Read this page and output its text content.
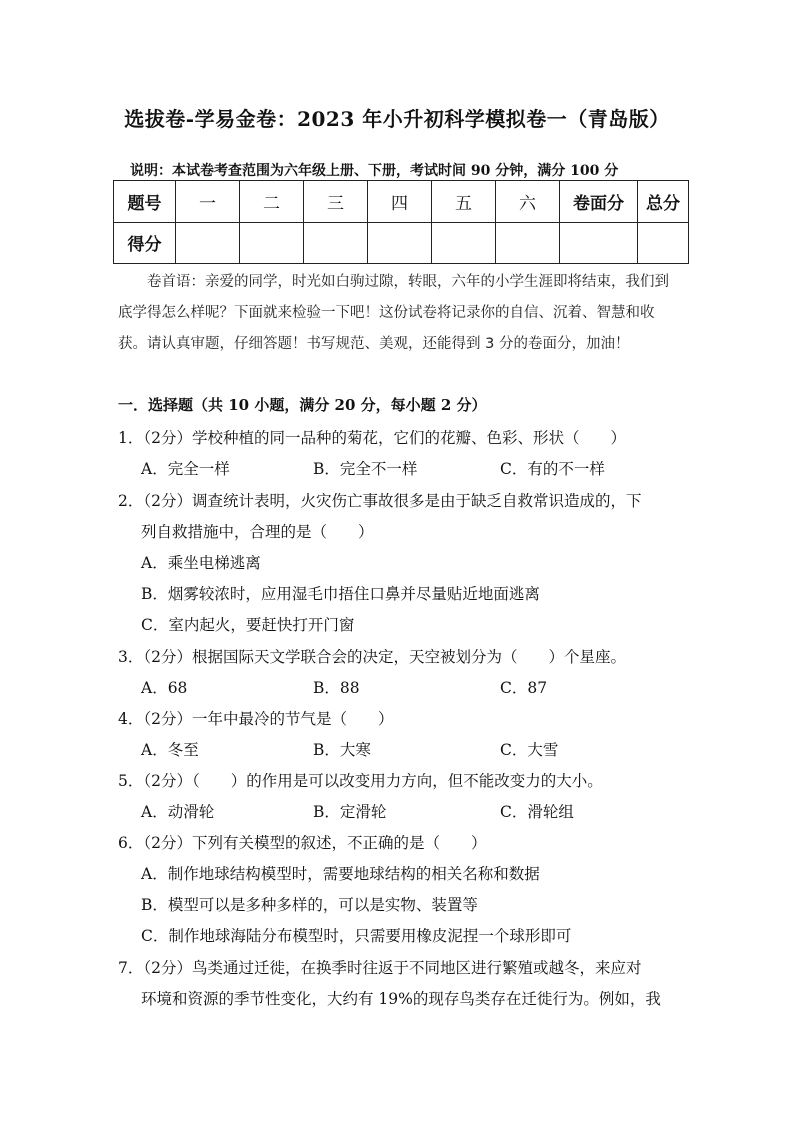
选拔卷-学易金卷：2023 年小升初科学模拟卷一（青岛版）
说明：本试卷考查范围为六年级上册、下册，考试时间 90 分钟，满分 100 分
题号	一	二	三	四	五	六	卷面分	总分
得分								
卷首语：亲爱的同学，时光如白驹过隙，转眼，六年的小学生涯即将结束，我们到底学得怎么样呢？下面就来检验一下吧！这份试卷将记录你的自信、沉着、智慧和收获。请认真审题，仔细答题！书写规范、美观，还能得到 3 分的卷面分，加油！
一．选择题（共 10 小题，满分 20 分，每小题 2 分）
1．（2分）学校种植的同一品种的菊花，它们的花瓣、色彩、形状（　　）
A．完全一样	B．完全不一样	C．有的不一样
2．（2分）调查统计表明，火灾伤亡事故很多是由于缺乏自救常识造成的，下
列自救措施中，合理的是（　　）
A．乘坐电梯逃离
B．烟雾较浓时，应用湿毛巾捂住口鼻并尽量贴近地面逃离
C．室内起火，要赶快打开门窗
3．（2分）根据国际天文学联合会的决定，天空被划分为（　　）个星座。
A．68	B．88	C．87
4．（2分）一年中最冷的节气是（　　）
A．冬至	B．大寒	C．大雪
5．（2分）（　　）的作用是可以改变用力方向，但不能改变力的大小。
A．动滑轮	B．定滑轮	C．滑轮组
6．（2分）下列有关模型的叙述，不正确的是（　　）
A．制作地球结构模型时，需要地球结构的相关名称和数据
B．模型可以是多种多样的，可以是实物、装置等
C．制作地球海陆分布模型时，只需要用橡皮泥捏一个球形即可
7．（2分）鸟类通过迁徙，在换季时往返于不同地区进行繁殖或越冬，来应对
环境和资源的季节性变化，大约有 19%的现存鸟类存在迁徙行为。例如，我
